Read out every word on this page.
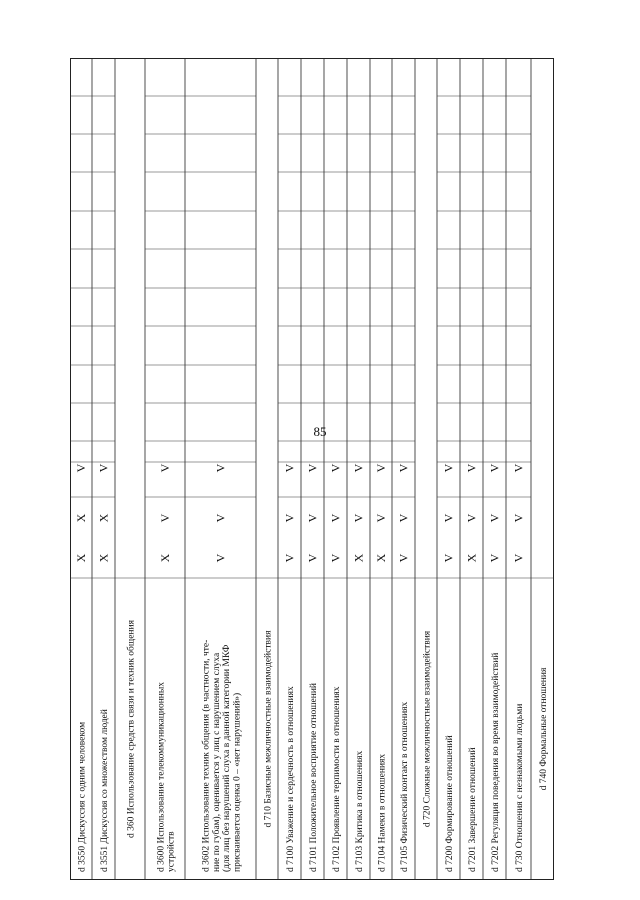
85
d 3550 Дискуссия с одним человеком
X
X
V
d 3551 Дискуссия со множеством людей
X
X
V
d 360 Использование средств связи и техник общения d 3600 Использование телекоммуникационных устройств
X
V
V
d 3602 Использование техник общения (в частности, чте- ние по губам), оценивается у лиц с нарушением слуха (для лиц без нарушений слуха в данной категории МКФ присваивается оценка 0 – «нет нарушений»)
V
V
V
d 710 Базисные межличностные взаимодействия d 7100 Уважение и сердечность в отношениях
V
V
V
d 7101 Положительное восприятие отношений
V
V
V
d 7102 Проявление терпимости в отношениях
V
V
V
d 7103 Критика в отношениях
X
V
V
d 7104 Намеки в отношениях
X
V
V
d 7105 Физический контакт в отношениях
V
V
V
d 720 Сложные межличностные взаимодействия d 7200 Формирование отношений
V
V
V
d 7201 Завершение отношений
X
V
V
d 7202 Регуляция поведения во время взаимодействий
V
V
V
d 730 Отношения с незнакомыми людьми
V
V
V
d 740 Формальные отношения
